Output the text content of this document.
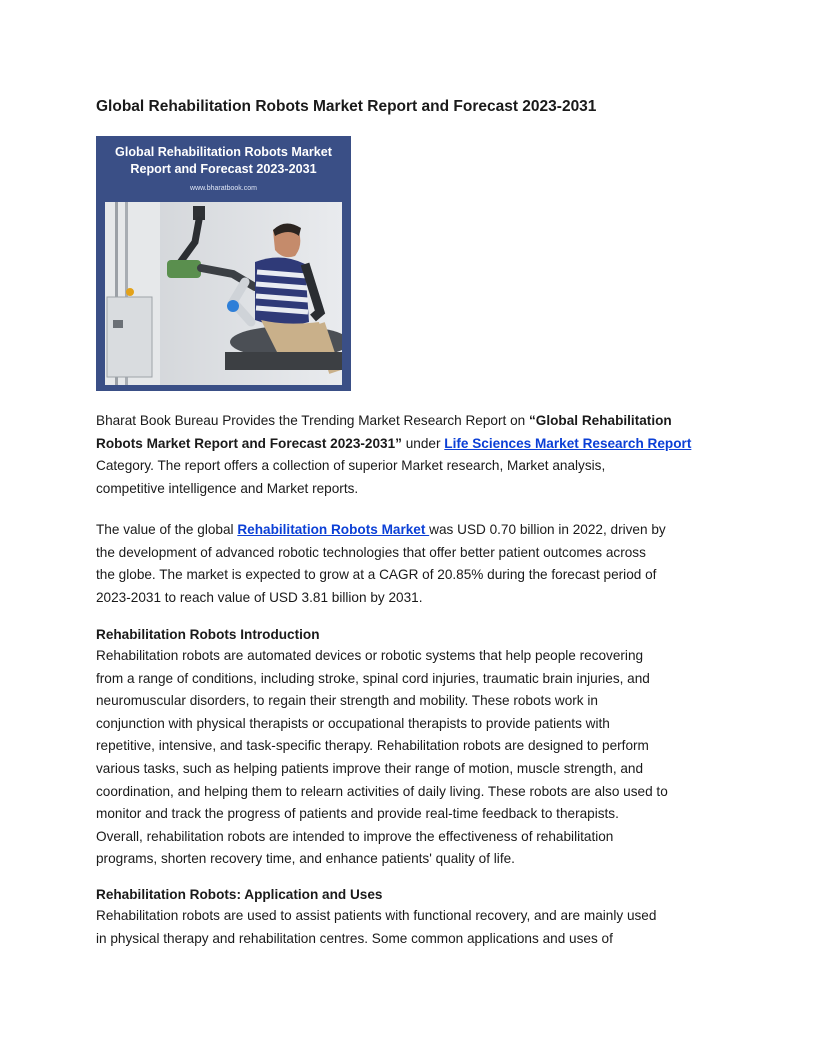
Global Rehabilitation Robots Market Report and Forecast 2023-2031
Global Rehabilitation Robots Market
Report and Forecast 2023-2031
www.bharatbook.com

Bharat Book Bureau Provides the Trending Market Research Report on “Global Rehabilitation
Robots Market Report and Forecast 2023-2031” under Life Sciences Market Research Report
Category. The report offers a collection of superior Market research, Market analysis,
competitive intelligence and Market reports.

The value of the global Rehabilitation Robots Market was USD 0.70 billion in 2022, driven by
the development of advanced robotic technologies that offer better patient outcomes across
the globe. The market is expected to grow at a CAGR of 20.85% during the forecast period of
2023-2031 to reach value of USD 3.81 billion by 2031.

Rehabilitation Robots Introduction

Rehabilitation robots are automated devices or robotic systems that help people recovering
from a range of conditions, including stroke, spinal cord injuries, traumatic brain injuries, and
neuromuscular disorders, to regain their strength and mobility. These robots work in
conjunction with physical therapists or occupational therapists to provide patients with
repetitive, intensive, and task-specific therapy. Rehabilitation robots are designed to perform
various tasks, such as helping patients improve their range of motion, muscle strength, and
coordination, and helping them to relearn activities of daily living. These robots are also used to
monitor and track the progress of patients and provide real-time feedback to therapists.
Overall, rehabilitation robots are intended to improve the effectiveness of rehabilitation
programs, shorten recovery time, and enhance patients' quality of life.

Rehabilitation Robots: Application and Uses

Rehabilitation robots are used to assist patients with functional recovery, and are mainly used
in physical therapy and rehabilitation centres. Some common applications and uses of
